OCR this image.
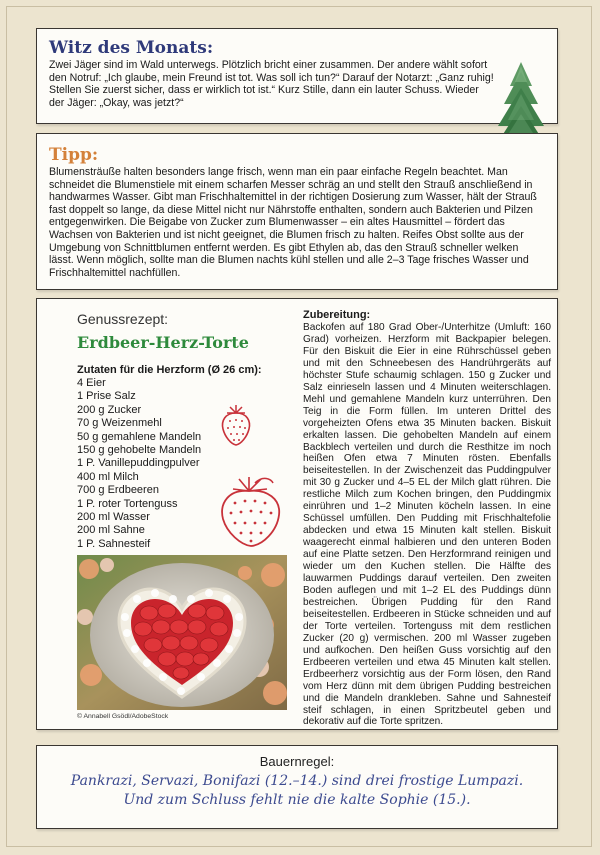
Witz des Monats:

Zwei Jäger sind im Wald unterwegs. Plötzlich bricht einer zusammen. Der andere wählt sofort den Notruf: „Ich glaube, mein Freund ist tot. Was soll ich tun?“ Darauf der Notarzt: „Ganz ruhig! Stellen Sie zuerst sicher, dass er wirklich tot ist.“ Kurz Stille, dann ein lauter Schuss. Wieder der Jäger: „Okay, was jetzt?“

Tipp:

Blumensträuße halten besonders lange frisch, wenn man ein paar einfache Regeln beachtet. Man schneidet die Blumenstiele mit einem scharfen Messer schräg an und stellt den Strauß anschließend in handwarmes Wasser. Gibt man Frischhaltemittel in der richtigen Dosierung zum Wasser, hält der Strauß fast doppelt so lange, da diese Mittel nicht nur Nährstoffe enthalten, sondern auch Bakterien und Pilzen entgegenwirken. Die Beigabe von Zucker zum Blumenwasser – ein altes Hausmittel – fördert das Wachsen von Bakterien und ist nicht geeignet, die Blumen frisch zu halten. Reifes Obst sollte aus der Umgebung von Schnittblumen entfernt werden. Es gibt Ethylen ab, das den Strauß schneller welken lässt. Wenn möglich, sollte man die Blumen nachts kühl stellen und alle 2–3 Tage frisches Wasser und Frischhaltemittel nachfüllen.

Genussrezept:

Erdbeer-Herz-Torte

Zutaten für die Herzform (Ø 26 cm):

4 Eier
1 Prise Salz
200 g Zucker
70 g Weizenmehl
50 g gemahlene Mandeln
150 g gehobelte Mandeln
1 P. Vanillepuddingpulver
400 ml Milch
700 g Erdbeeren
1 P. roter Tortenguss
200 ml Wasser
200 ml Sahne
1 P. Sahnesteif
© Annabell Gsödl/AdobeStock

Zubereitung:

Backofen auf 180 Grad Ober-/Unterhitze (Umluft: 160 Grad) vorheizen. Herzform mit Backpapier belegen. Für den Biskuit die Eier in eine Rührschüssel geben und mit den Schneebesen des Handrührgeräts auf höchster Stufe schaumig schlagen. 150 g Zucker und Salz einrieseln lassen und 4 Minuten weiterschlagen. Mehl und gemahlene Mandeln kurz unterrühren. Den Teig in die Form füllen. Im unteren Drittel des vorgeheizten Ofens etwa 35 Minuten backen. Biskuit erkalten lassen. Die gehobelten Mandeln auf einem Backblech verteilen und durch die Resthitze im noch heißen Ofen etwa 7 Minuten rösten. Ebenfalls beiseitestellen. In der Zwischenzeit das Puddingpulver mit 30 g Zucker und 4–5 EL der Milch glatt rühren. Die restliche Milch zum Kochen bringen, den Puddingmix einrühren und 1–2 Minuten köcheln lassen. In eine Schüssel umfüllen. Den Pudding mit Frischhaltefolie abdecken und etwa 15 Minuten kalt stellen. Biskuit waagerecht einmal halbieren und den unteren Boden auf eine Platte setzen. Den Herzformrand reinigen und wieder um den Kuchen stellen. Die Hälfte des lauwarmen Puddings darauf verteilen. Den zweiten Boden auflegen und mit 1–2 EL des Puddings dünn bestreichen. Übrigen Pudding für den Rand beiseitestellen. Erdbeeren in Stücke schneiden und auf der Torte verteilen. Tortenguss mit dem restlichen Zucker (20 g) vermischen. 200 ml Wasser zugeben und aufkochen. Den heißen Guss vorsichtig auf den Erdbeeren verteilen und etwa 45 Minuten kalt stellen. Erdbeerherz vorsichtig aus der Form lösen, den Rand vom Herz dünn mit dem übrigen Pudding bestreichen und die Mandeln drankleben. Sahne und Sahnesteif steif schlagen, in einen Spritzbeutel geben und dekorativ auf die Torte spritzen.

Bauernregel:

Pankrazi, Servazi, Bonifazi (12.–14.) sind drei frostige Lumpazi.

Und zum Schluss fehlt nie die kalte Sophie (15.).
